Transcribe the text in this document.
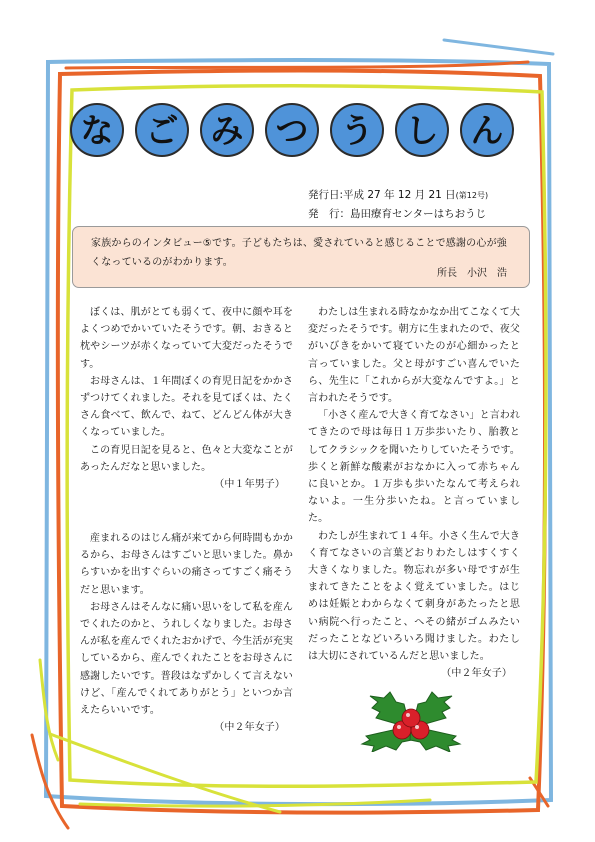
な ご み つ う し ん
発行日:平成 27 年 12 月 21 日(第12号)
発　行：島田療育センターはちおうじ
家族からのインタビュー⑤です。子どもたちは、愛されていると感じることで感謝の心が強くなっているのがわかります。
所長　小沢　浩

ぼくは、肌がとても弱くて、夜中に顔や耳をよくつめでかいていたそうです。朝、おきると枕やシーツが赤くなっていて大変だったそうです。

お母さんは、１年間ぼくの育児日記をかかさずつけてくれました。それを見てぼくは、たくさん食べて、飲んで、ねて、どんどん体が大きくなっていました。

この育児日記を見ると、色々と大変なことがあったんだなと思いました。

（中１年男子）

産まれるのはじん痛が来てから何時間もかかるから、お母さんはすごいと思いました。鼻からすいかを出すぐらいの痛さってすごく痛そうだと思います。

お母さんはそんなに痛い思いをして私を産んでくれたのかと、うれしくなりました。お母さんが私を産んでくれたおかげで、今生活が充実しているから、産んでくれたことをお母さんに感謝したいです。普段はなずかしくて言えないけど、「産んでくれてありがとう」といつか言えたらいいです。

（中２年女子）

わたしは生まれる時なかなか出てこなくて大変だったそうです。朝方に生まれたので、夜父がいびきをかいて寝ていたのが心細かったと言っていました。父と母がすごい喜んでいたら、先生に「これからが大変なんですよ。」と言われたそうです。

「小さく産んで大きく育てなさい」と言われてきたので母は毎日１万歩歩いたり、胎教としてクラシックを聞いたりしていたそうです。歩くと新鮮な酸素がおなかに入って赤ちゃんに良いとか。１万歩も歩いたなんて考えられないよ。一生分歩いたね。と言っていました。

わたしが生まれて１４年。小さく生んで大きく育てなさいの言葉どおりわたしはすくすく大きくなりました。物忘れが多い母ですが生まれてきたことをよく覚えていました。はじめは妊娠とわからなくて刺身があたったと思い病院へ行ったこと、へその緒がゴムみたいだったことなどいろいろ聞けました。わたしは大切にされているんだと思いました。

（中２年女子）
